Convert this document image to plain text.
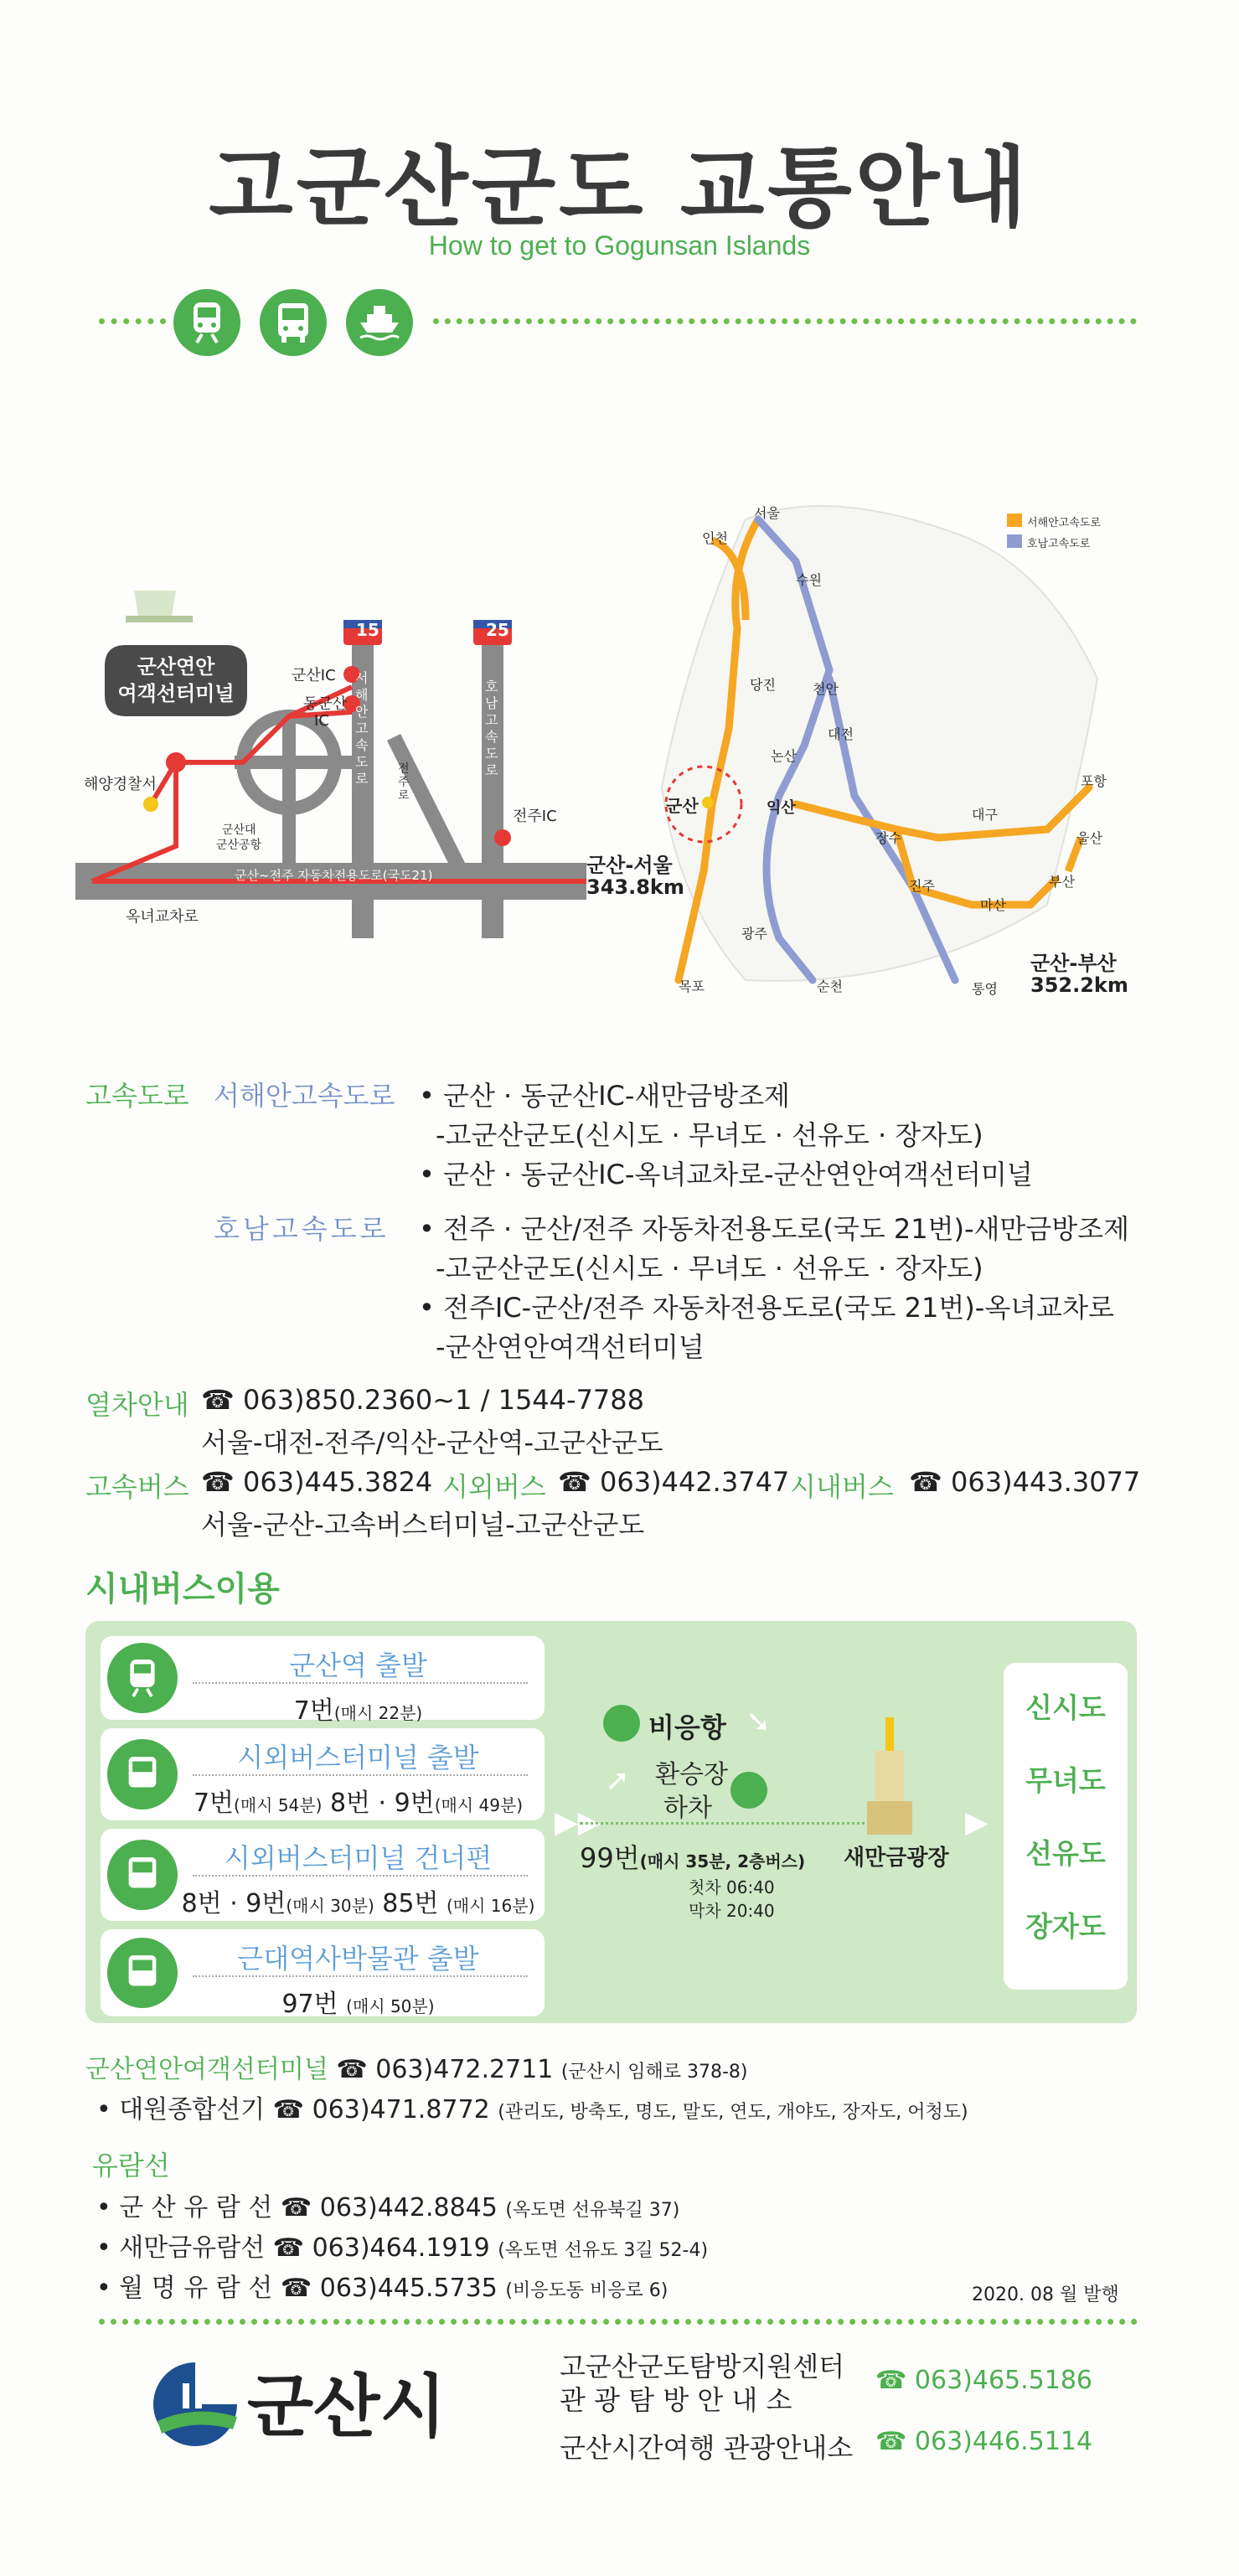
고군산군도 교통안내
How to get to Gogunsan Islands
15	25
군산연안
여객선터미널
군산IC
동군산
IC
전주IC
해양경찰서
군산대
군산공항
군산~전주 자동차전용도로(국도21)
옥녀교차로
서해안고속도로
호남고속도로
전주로
서해안고속도로
호남고속도로
서울
인천
수원
당진	천안
대전
논산
익산
군산
광주
목포	순천
장수
진주
마산
부산
울산
대구
포항
통영
군산-서울
343.8km
군산-부산
352.2km
고속도로 서해안고속도로 • 군산 · 동군산IC-새만금방조제
-고군산군도(신시도 · 무녀도 · 선유도 · 장자도)
• 군산 · 동군산IC-옥녀교차로-군산연안여객선터미널
호남고속도로 • 전주 · 군산/전주 자동차전용도로(국도 21번)-새만금방조제
-고군산군도(신시도 · 무녀도 · 선유도 · 장자도)
• 전주IC-군산/전주 자동차전용도로(국도 21번)-옥녀교차로
-군산연안여객선터미널
열차안내 ☎ 063)850.2360~1 / 1544-7788
서울-대전-전주/익산-군산역-고군산군도
고속버스 ☎ 063)445.3824 시외버스 ☎ 063)442.3747 시내버스 ☎ 063)443.3077
서울-군산-고속버스터미널-고군산군도
시내버스이용
군산역 출발
7번(매시 22분)
시외버스터미널 출발
7번(매시 54분) 8번 · 9번(매시 49분)
시외버스터미널 건너편
8번 · 9번(매시 30분) 85번 (매시 16분)
근대역사박물관 출발
97번 (매시 50분)
▶▶
비응항 ➘
➚ 환승장
하차
99번(매시 35분, 2층버스)
첫차 06:40
막차 20:40
새만금광장
▶
신시도
무녀도
선유도
장자도
군산연안여객선터미널 ☎ 063)472.2711 (군산시 임해로 378-8)
• 대원종합선기 ☎ 063)471.8772 (관리도, 방축도, 명도, 말도, 연도, 개야도, 장자도, 어청도)
유람선
• 군 산 유 람 선 ☎ 063)442.8845 (옥도면 선유북길 37)
• 새만금유람선 ☎ 063)464.1919 (옥도면 선유도 3길 52-4)
• 월 명 유 람 선 ☎ 063)445.5735 (비응도동 비응로 6)	2020. 08 월 발행
군산시
고군산군도탐방지원센터
관 광 탐 방 안 내 소
☎ 063)465.5186
군산시간여행 관광안내소 ☎ 063)446.5114
